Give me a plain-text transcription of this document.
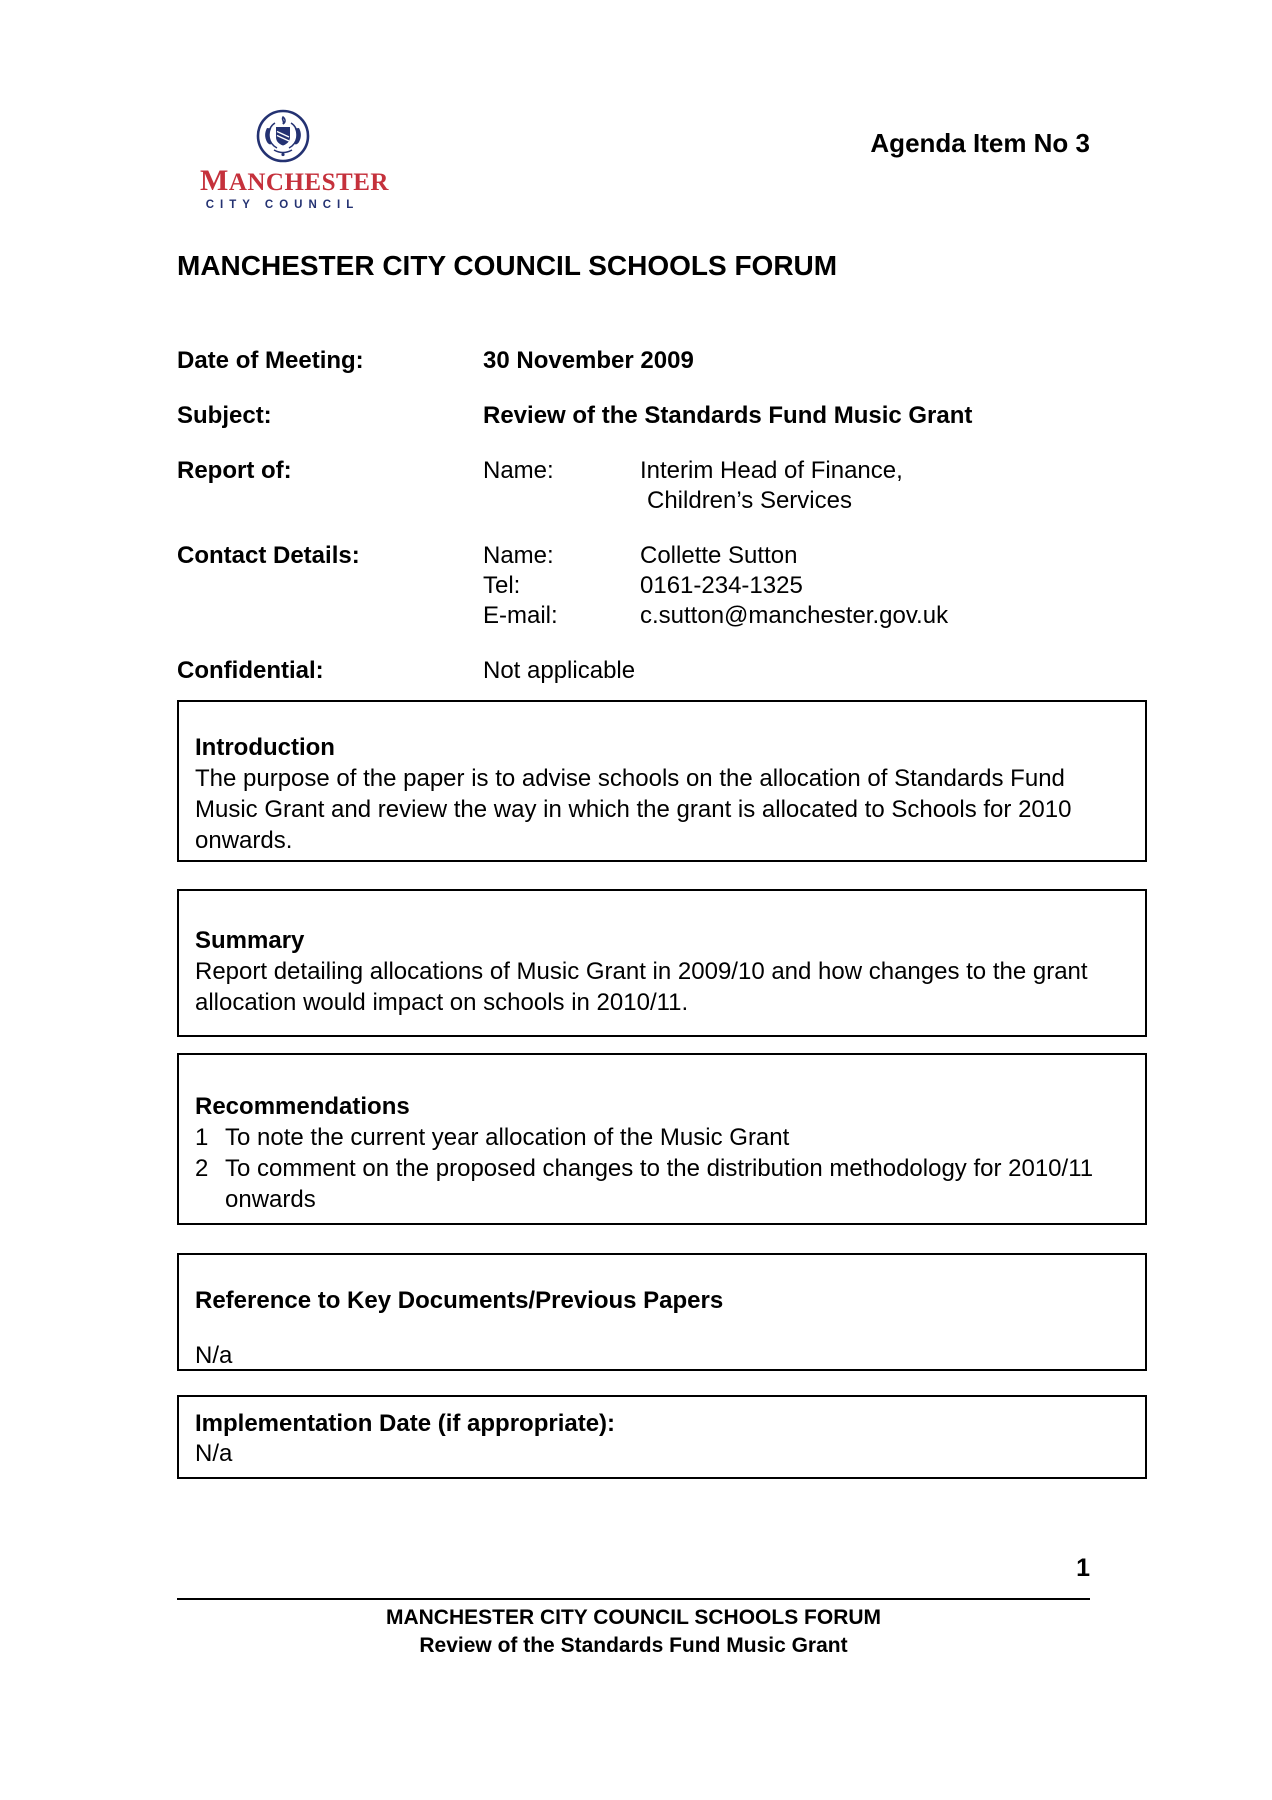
MANCHESTER
CITY COUNCIL
Agenda Item No 3
MANCHESTER CITY COUNCIL SCHOOLS FORUM
Date of Meeting:	30 November 2009
Subject:	Review of the Standards Fund Music Grant
Report of:	Name:	Interim Head of Finance,
Children’s Services
Contact Details:	Name:	Collette Sutton
Tel:	0161-234-1325
E-mail:	c.sutton@manchester.gov.uk
Confidential:	Not applicable
Introduction
The purpose of the paper is to advise schools on the allocation of Standards Fund Music Grant and review the way in which the grant is allocated to Schools for 2010 onwards.
Summary
Report detailing allocations of Music Grant in 2009/10 and how changes to the grant allocation would impact on schools in 2010/11.
Recommendations
1 To note the current year allocation of the Music Grant
2 To comment on the proposed changes to the distribution methodology for 2010/11 onwards
Reference to Key Documents/Previous Papers
N/a
Implementation Date (if appropriate):
N/a
1
MANCHESTER CITY COUNCIL SCHOOLS FORUM
Review of the Standards Fund Music Grant
